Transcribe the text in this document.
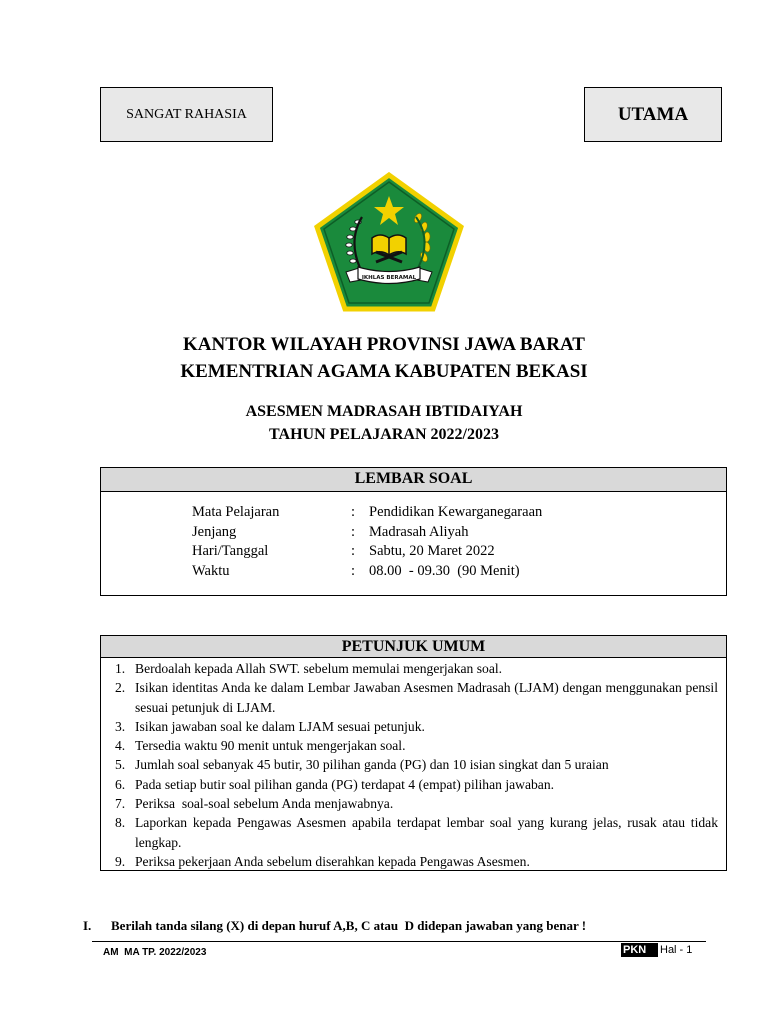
SANGAT RAHASIA	UTAMA
IKHLAS BERAMAL
KANTOR WILAYAH PROVINSI JAWA BARAT
KEMENTRIAN AGAMA KABUPATEN BEKASI
ASESMEN MADRASAH IBTIDAIYAH
TAHUN PELAJARAN 2022/2023
LEMBAR SOAL
Mata Pelajaran	: Pendidikan Kewarganegaraan
Jenjang	: Madrasah Aliyah
Hari/Tanggal	: Sabtu, 20 Maret 2022
Waktu	: 08.00  - 09.30  (90 Menit)
PETUNJUK UMUM
1. Berdoalah kepada Allah SWT. sebelum memulai mengerjakan soal.
2. Isikan identitas Anda ke dalam Lembar Jawaban Asesmen Madrasah (LJAM) dengan menggunakan pensil sesuai petunjuk di LJAM.
3. Isikan jawaban soal ke dalam LJAM sesuai petunjuk.
4. Tersedia waktu 90 menit untuk mengerjakan soal.
5. Jumlah soal sebanyak 45 butir, 30 pilihan ganda (PG) dan 10 isian singkat dan 5 uraian
6. Pada setiap butir soal pilihan ganda (PG) terdapat 4 (empat) pilihan jawaban.
7. Periksa  soal-soal sebelum Anda menjawabnya.
8. Laporkan kepada Pengawas Asesmen apabila terdapat lembar soal yang kurang jelas, rusak atau tidak lengkap.
9. Periksa pekerjaan Anda sebelum diserahkan kepada Pengawas Asesmen.
I. Berilah tanda silang (X) di depan huruf A,B, C atau  D didepan jawaban yang benar !
AM  MA TP. 2022/2023	PKN	Hal - 1
